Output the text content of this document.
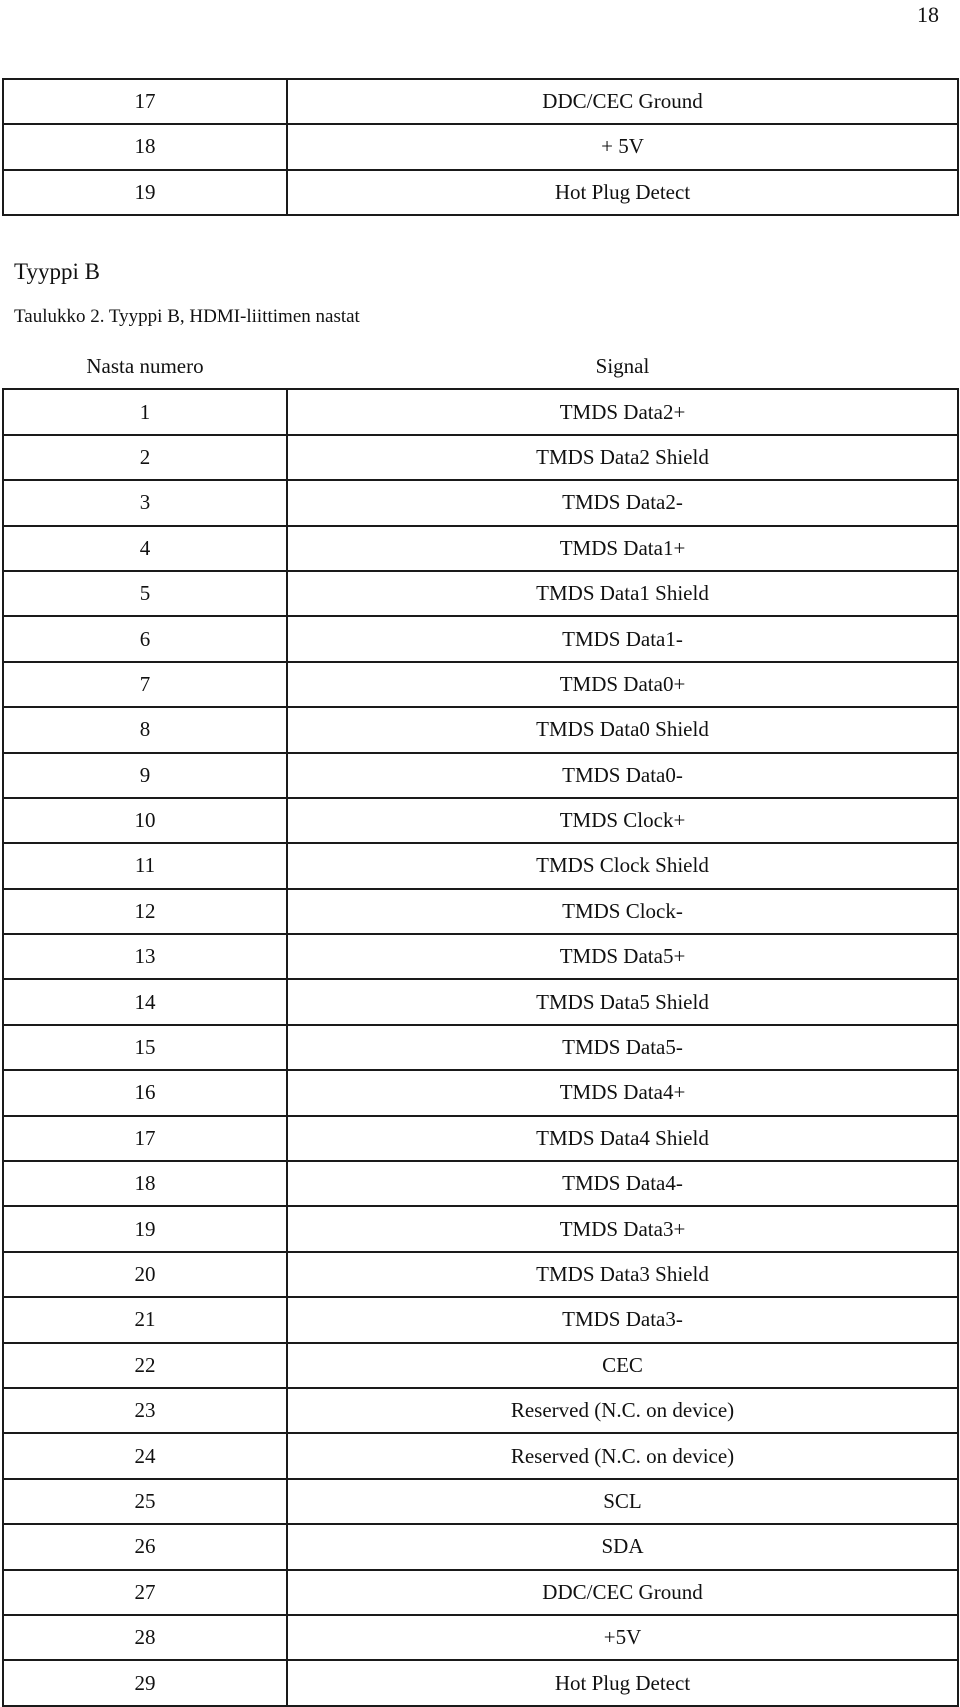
18
17	DDC/CEC Ground
18	+ 5V
19	Hot Plug Detect
Tyyppi B
Taulukko 2. Tyyppi B, HDMI-liittimen nastat
Nasta numero	Signal
1	TMDS Data2+
2	TMDS Data2 Shield
3	TMDS Data2-
4	TMDS Data1+
5	TMDS Data1 Shield
6	TMDS Data1-
7	TMDS Data0+
8	TMDS Data0 Shield
9	TMDS Data0-
10	TMDS Clock+
11	TMDS Clock Shield
12	TMDS Clock-
13	TMDS Data5+
14	TMDS Data5 Shield
15	TMDS Data5-
16	TMDS Data4+
17	TMDS Data4 Shield
18	TMDS Data4-
19	TMDS Data3+
20	TMDS Data3 Shield
21	TMDS Data3-
22	CEC
23	Reserved (N.C. on device)
24	Reserved (N.C. on device)
25	SCL
26	SDA
27	DDC/CEC Ground
28	+5V
29	Hot Plug Detect
